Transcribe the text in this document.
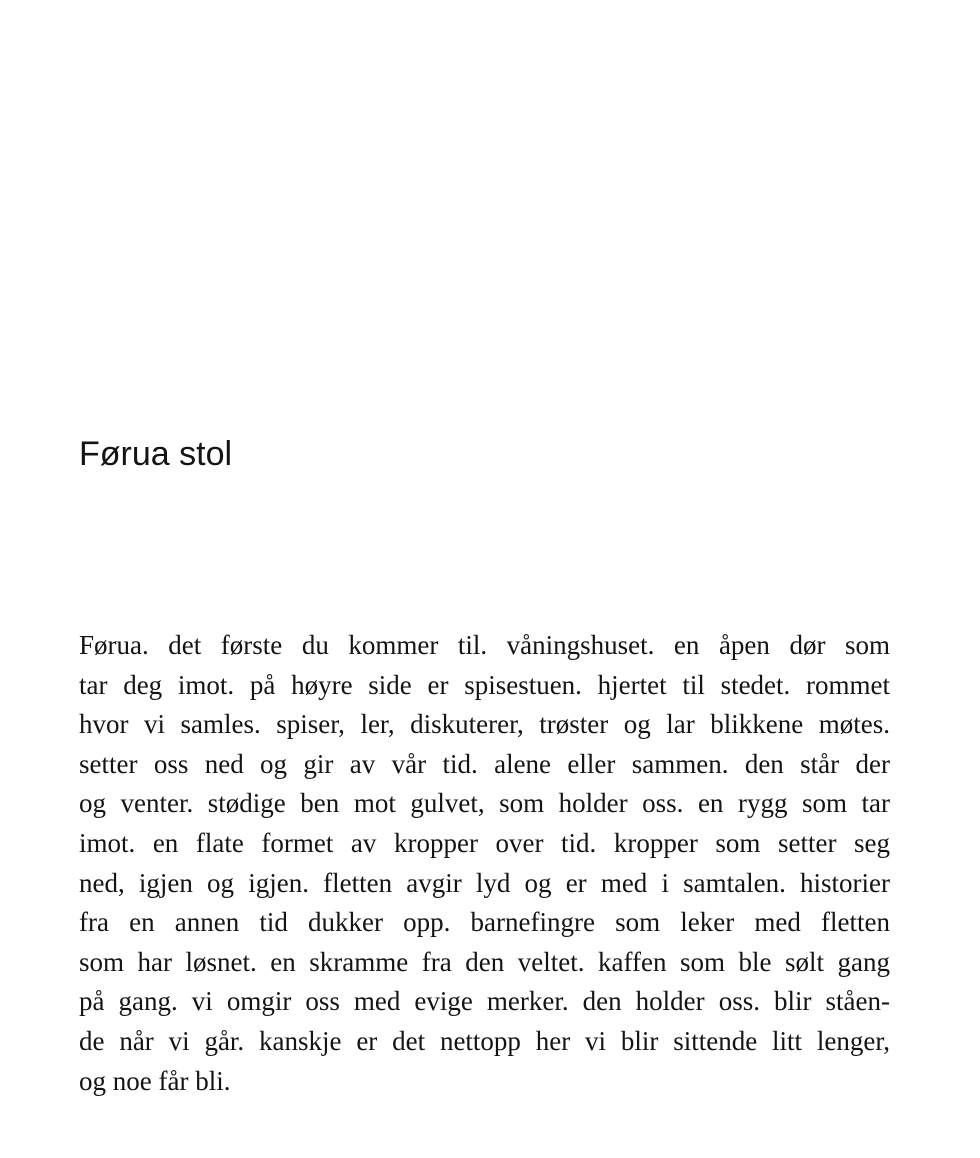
Førua stol
Førua. det første du kommer til. våningshuset. en åpen dør som
tar deg imot. på høyre side er spisestuen. hjertet til stedet. rommet
hvor vi samles. spiser, ler, diskuterer, trøster og lar blikkene møtes.
setter oss ned og gir av vår tid. alene eller sammen. den står der
og venter. stødige ben mot gulvet, som holder oss. en rygg som tar
imot. en flate formet av kropper over tid. kropper som setter seg
ned, igjen og igjen. fletten avgir lyd og er med i samtalen. historier
fra en annen tid dukker opp. barnefingre som leker med fletten
som har løsnet. en skramme fra den veltet. kaffen som ble sølt gang
på gang. vi omgir oss med evige merker. den holder oss. blir ståen-
de når vi går. kanskje er det nettopp her vi blir sittende litt lenger,
og noe får bli.
